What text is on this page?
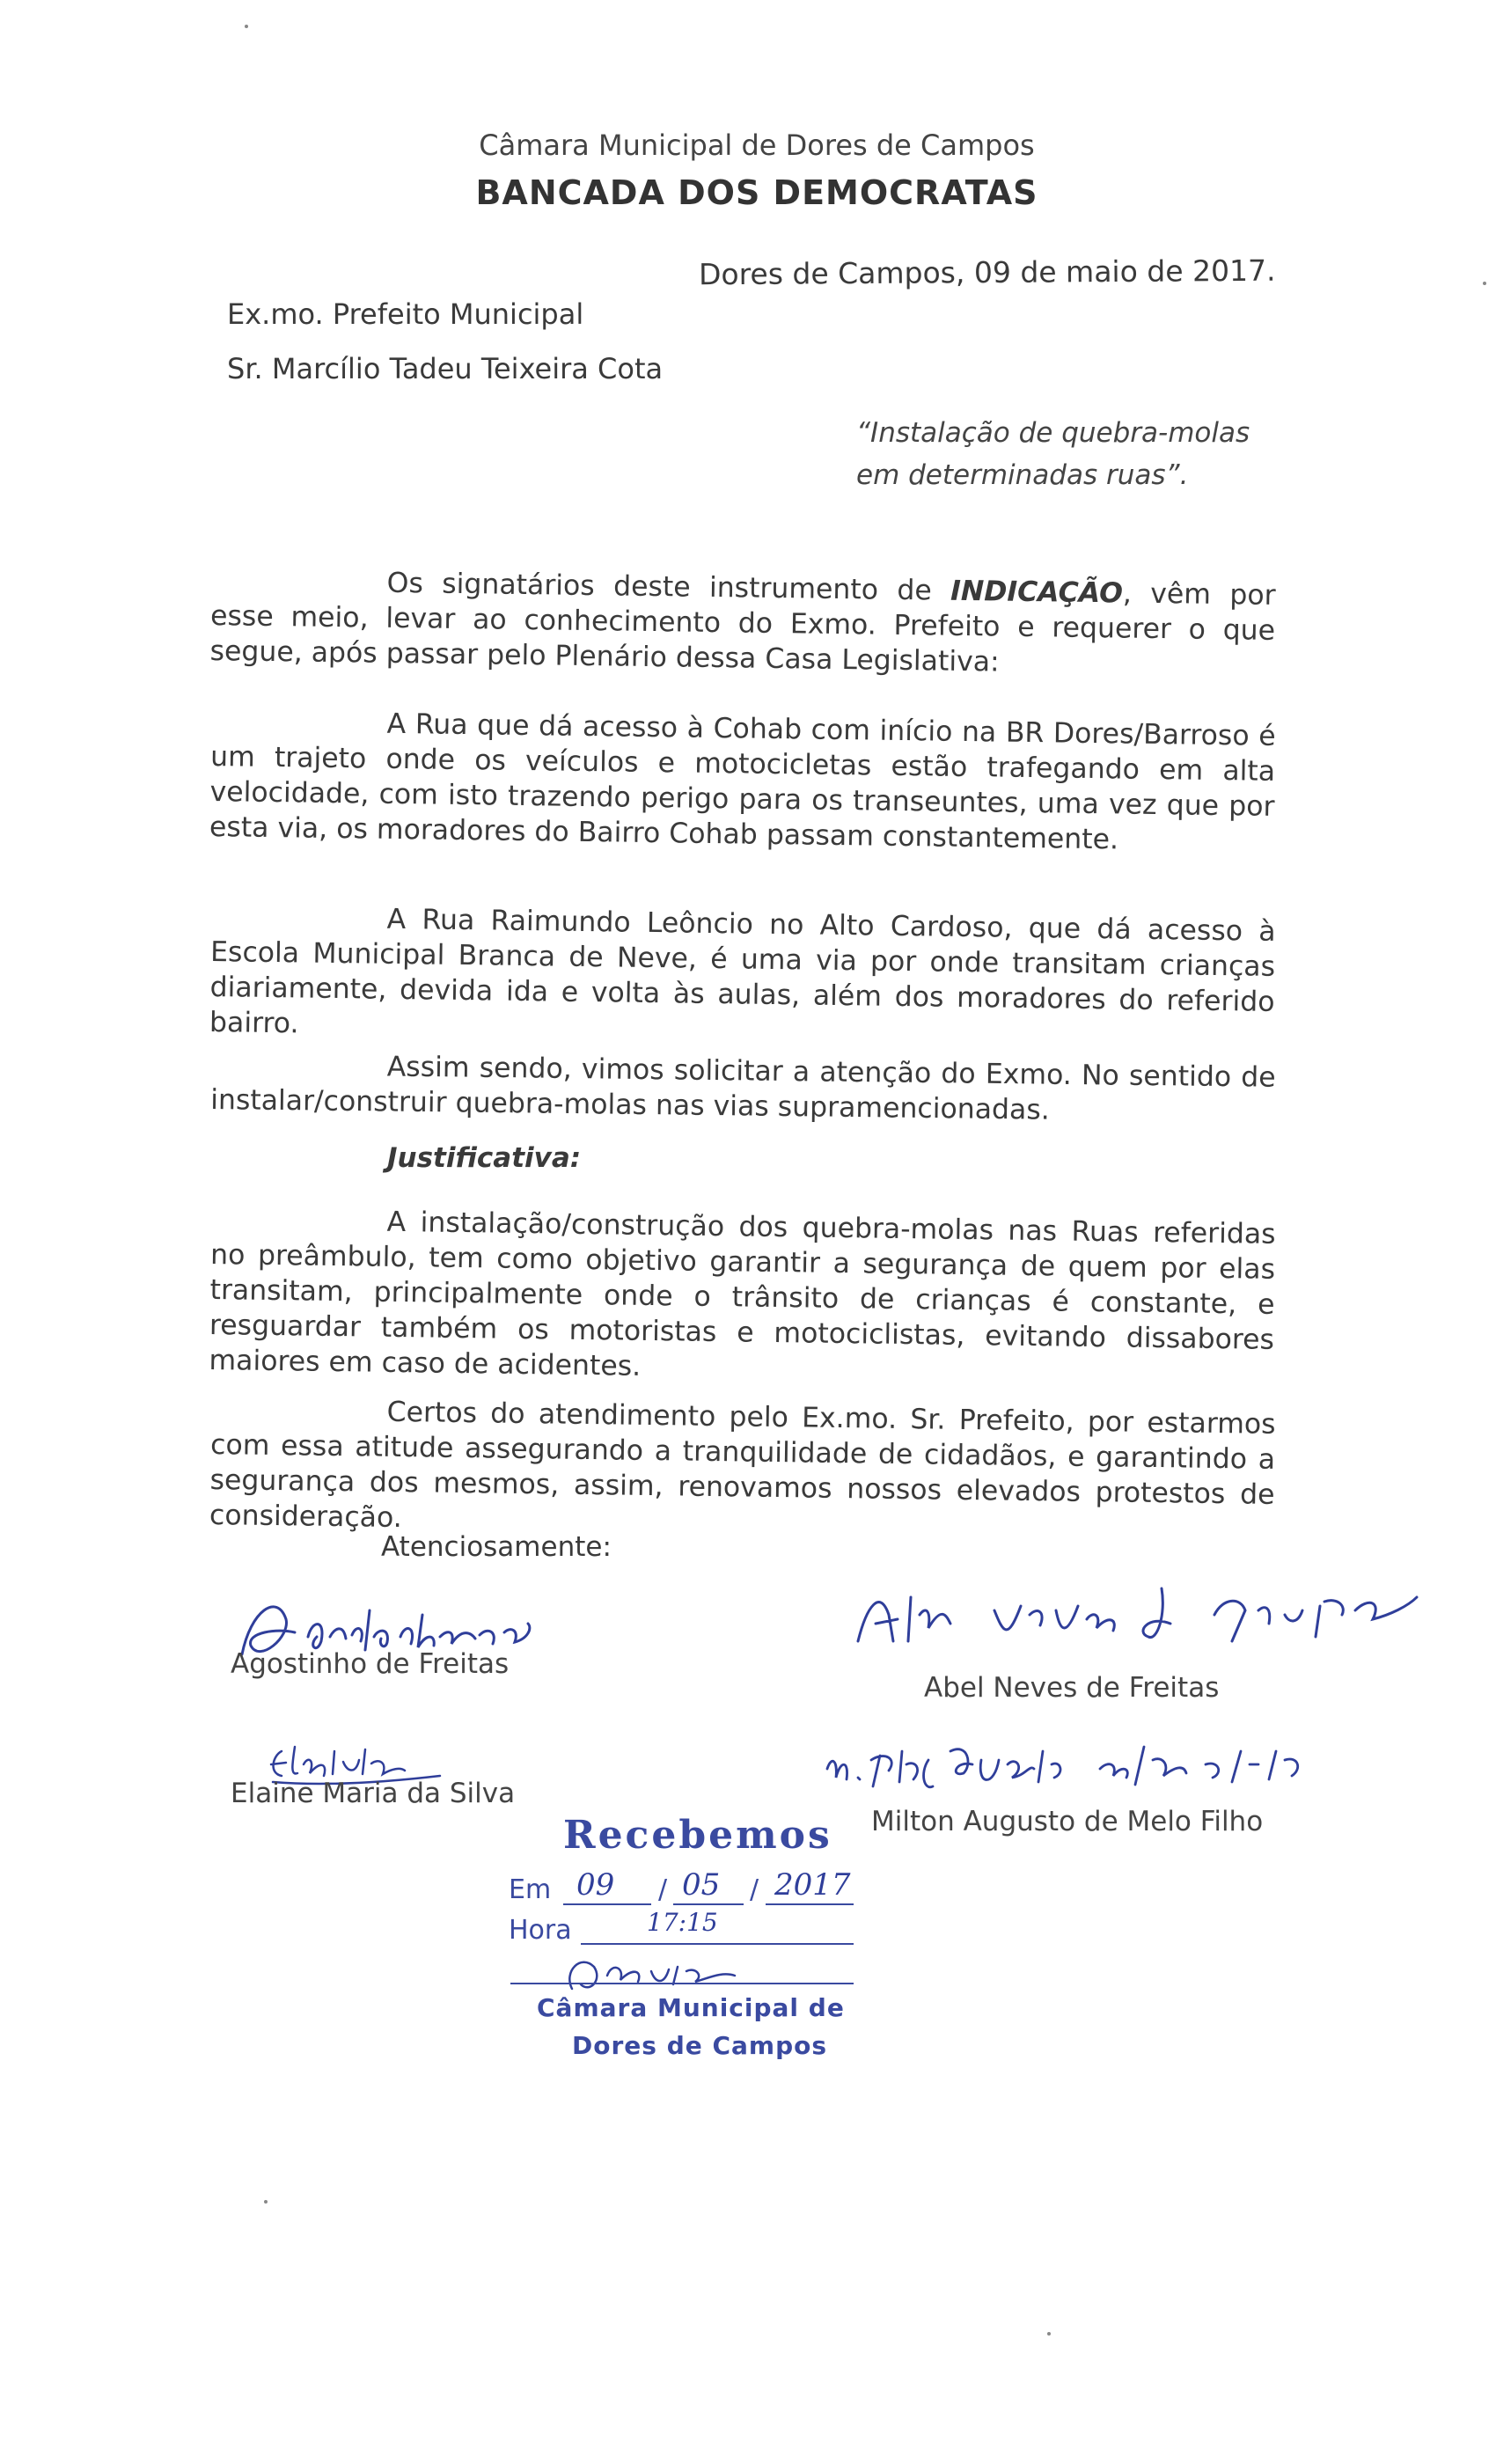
Câmara Municipal de Dores de Campos
BANCADA DOS DEMOCRATAS
Dores de Campos, 09 de maio de 2017.
Ex.mo. Prefeito Municipal
Sr. Marcílio Tadeu Teixeira Cota
“Instalação de quebra-molas
em determinadas ruas”.
Os signatários deste instrumento de INDICAÇÃO, vêm por esse meio, levar ao conhecimento do Exmo. Prefeito e requerer o que segue, após passar pelo Plenário dessa Casa Legislativa:
A Rua que dá acesso à Cohab com início na BR Dores/Barroso é um trajeto onde os veículos e motocicletas estão trafegando em alta velocidade, com isto trazendo perigo para os transeuntes, uma vez que por esta via, os moradores do Bairro Cohab passam constantemente.
A Rua Raimundo Leôncio no Alto Cardoso, que dá acesso à Escola Municipal Branca de Neve, é uma via por onde transitam crianças diariamente, devida ida e volta às aulas, além dos moradores do referido bairro.
Assim sendo, vimos solicitar a atenção do Exmo. No sentido de instalar/construir quebra-molas nas vias supramencionadas.
Justificativa:
A instalação/construção dos quebra-molas nas Ruas referidas no preâmbulo, tem como objetivo garantir a segurança de quem por elas transitam, principalmente onde o trânsito de crianças é constante, e resguardar também os motoristas e motociclistas, evitando dissabores maiores em caso de acidentes.
Certos do atendimento pelo Ex.mo. Sr. Prefeito, por estarmos com essa atitude assegurando a tranquilidade de cidadãos, e garantindo a segurança dos mesmos, assim, renovamos nossos elevados protestos de consideração.
Atenciosamente:
Agostinho de Freitas
Abel Neves de Freitas
Elaine Maria da Silva
Milton Augusto de Melo Filho
Recebemos
Em 09 / 05 / 2017
Hora	17:15
Câmara Municipal de
Dores de Campos
